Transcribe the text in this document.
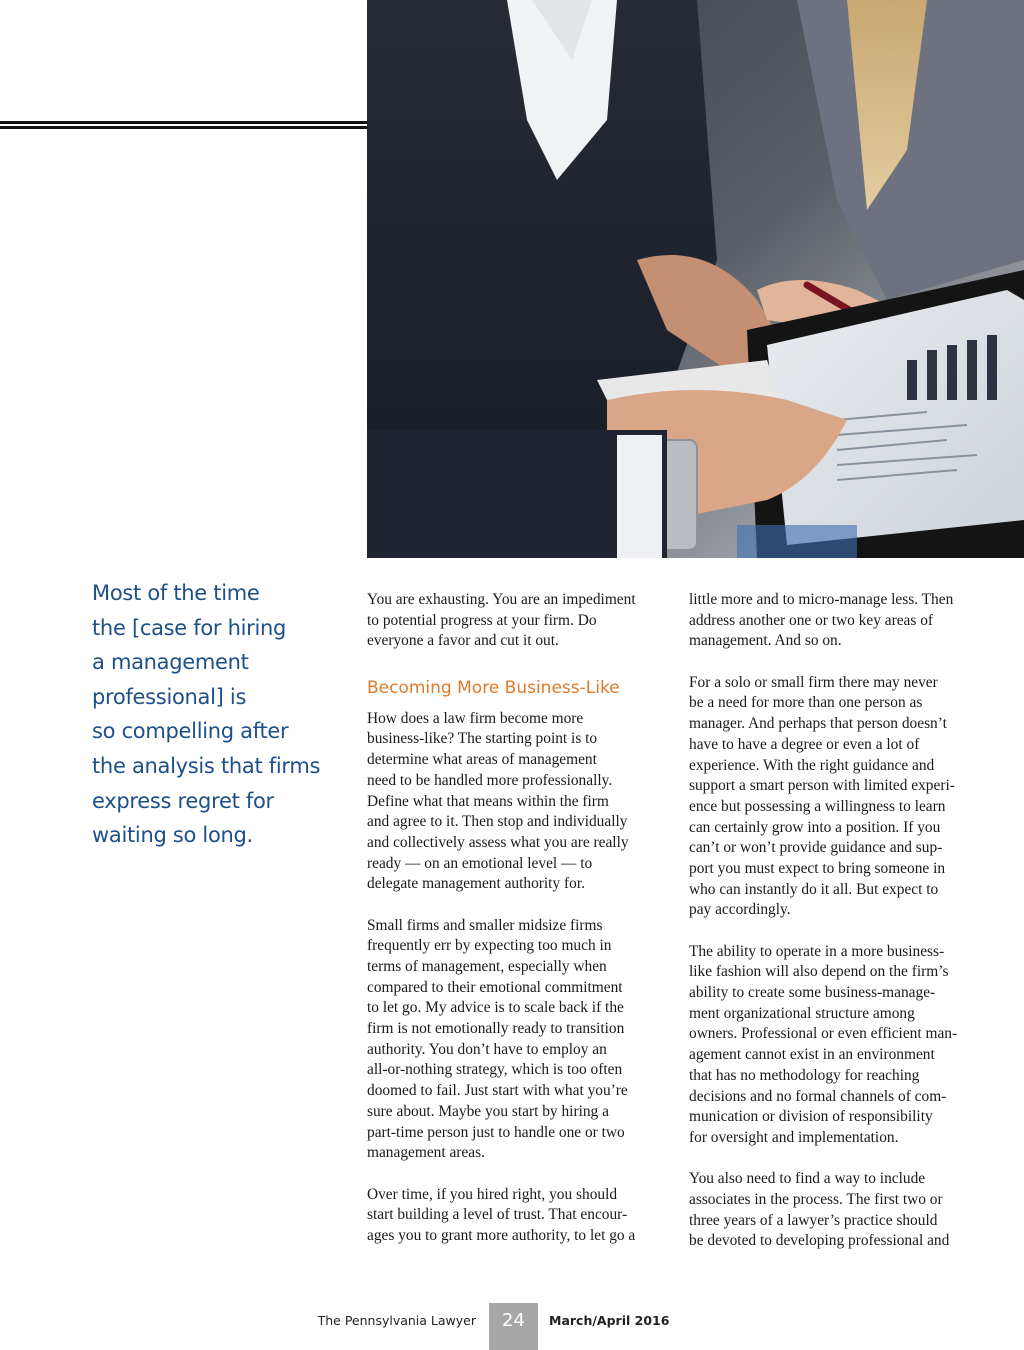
Most of the time
the [case for hiring
a management
professional] is
so compelling after
the analysis that firms
express regret for
waiting so long.
You are exhausting. You are an impediment
to potential progress at your firm. Do
everyone a favor and cut it out.
Becoming More Business-Like
How does a law firm become more
business-like? The starting point is to
determine what areas of management
need to be handled more professionally.
Define what that means within the firm
and agree to it. Then stop and individually
and collectively assess what you are really
ready — on an emotional level — to
delegate management authority for.
Small firms and smaller midsize firms
frequently err by expecting too much in
terms of management, especially when
compared to their emotional commitment
to let go. My advice is to scale back if the
firm is not emotionally ready to transition
authority. You don’t have to employ an
all-or-nothing strategy, which is too often
doomed to fail. Just start with what you’re
sure about. Maybe you start by hiring a
part-time person just to handle one or two
management areas.
Over time, if you hired right, you should
start building a level of trust. That encour-
ages you to grant more authority, to let go a
little more and to micro-manage less. Then
address another one or two key areas of
management. And so on.
For a solo or small firm there may never
be a need for more than one person as
manager. And perhaps that person doesn’t
have to have a degree or even a lot of
experience. With the right guidance and
support a smart person with limited experi-
ence but possessing a willingness to learn
can certainly grow into a position. If you
can’t or won’t provide guidance and sup-
port you must expect to bring someone in
who can instantly do it all. But expect to
pay accordingly.
The ability to operate in a more business-
like fashion will also depend on the firm’s
ability to create some business-manage-
ment organizational structure among
owners. Professional or even efficient man-
agement cannot exist in an environment
that has no methodology for reaching
decisions and no formal channels of com-
munication or division of responsibility
for oversight and implementation.
You also need to find a way to include
associates in the process. The first two or
three years of a lawyer’s practice should
be devoted to developing professional and
The Pennsylvania Lawyer	24	March/April 2016
